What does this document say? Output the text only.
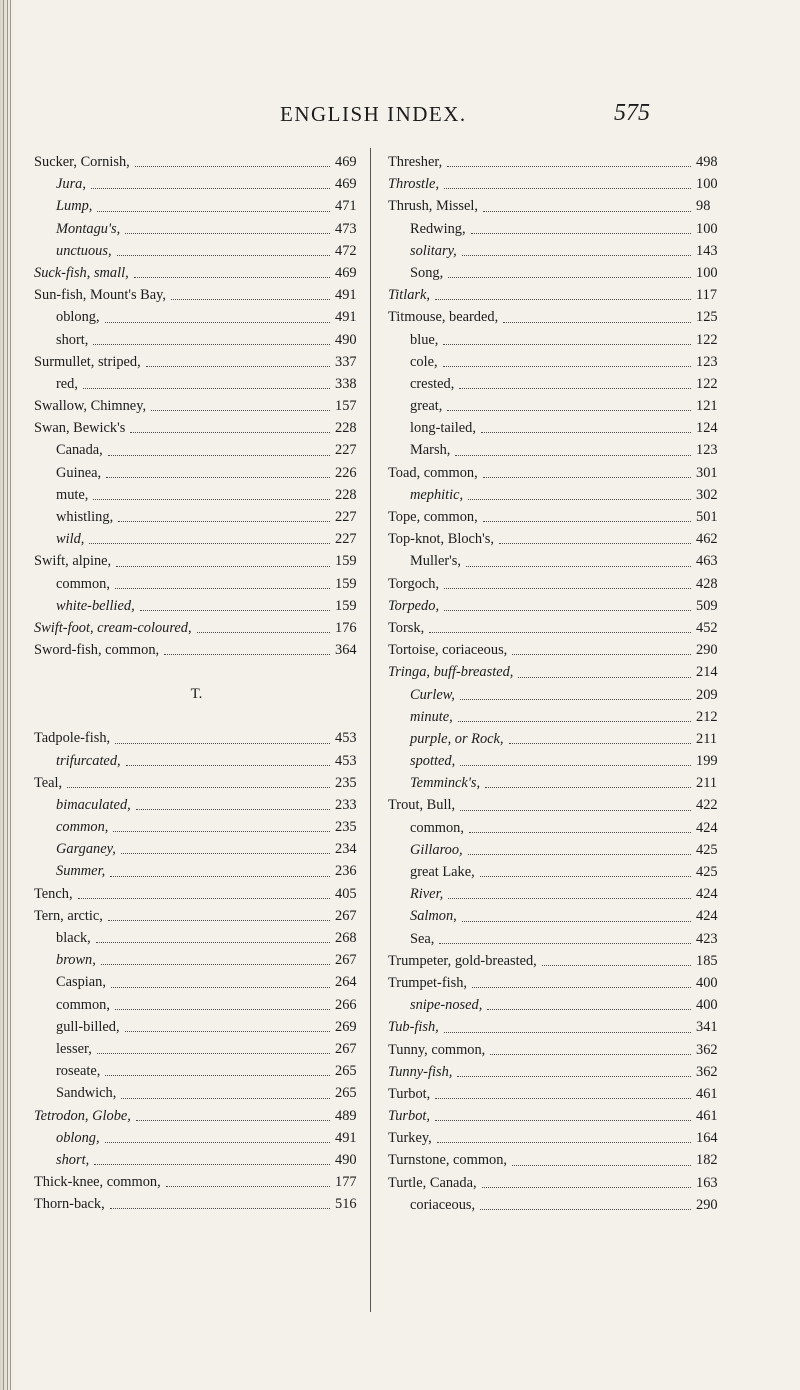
ENGLISH INDEX.	575
Sucker, Cornish,	469
Jura,	469
Lump,	471
Montagu's,	473
unctuous,	472
Suck-fish, small,	469
Sun-fish, Mount's Bay,	491
oblong,	491
short,	490
Surmullet, striped,	337
red,	338
Swallow, Chimney,	157
Swan, Bewick's	228
Canada,	227
Guinea,	226
mute,	228
whistling,	227
wild,	227
Swift, alpine,	159
common,	159
white-bellied,	159
Swift-foot, cream-coloured,	176
Sword-fish, common,	364
T.
Tadpole-fish,	453
trifurcated,	453
Teal,	235
bimaculated,	233
common,	235
Garganey,	234
Summer,	236
Tench,	405
Tern, arctic,	267
black,	268
brown,	267
Caspian,	264
common,	266
gull-billed,	269
lesser,	267
roseate,	265
Sandwich,	265
Tetrodon, Globe,	489
oblong,	491
short,	490
Thick-knee, common,	177
Thorn-back,	516
Thresher,	498
Throstle,	100
Thrush, Missel,	98
Redwing,	100
solitary,	143
Song,	100
Titlark,	117
Titmouse, bearded,	125
blue,	122
cole,	123
crested,	122
great,	121
long-tailed,	124
Marsh,	123
Toad, common,	301
mephitic,	302
Tope, common,	501
Top-knot, Bloch's,	462
Muller's,	463
Torgoch,	428
Torpedo,	509
Torsk,	452
Tortoise, coriaceous,	290
Tringa, buff-breasted,	214
Curlew,	209
minute,	212
purple, or Rock,	211
spotted,	199
Temminck's,	211
Trout, Bull,	422
common,	424
Gillaroo,	425
great Lake,	425
River,	424
Salmon,	424
Sea,	423
Trumpeter, gold-breasted,	185
Trumpet-fish,	400
snipe-nosed,	400
Tub-fish,	341
Tunny, common,	362
Tunny-fish,	362
Turbot,	461
Turbot,	461
Turkey,	164
Turnstone, common,	182
Turtle, Canada,	163
coriaceous,	290
